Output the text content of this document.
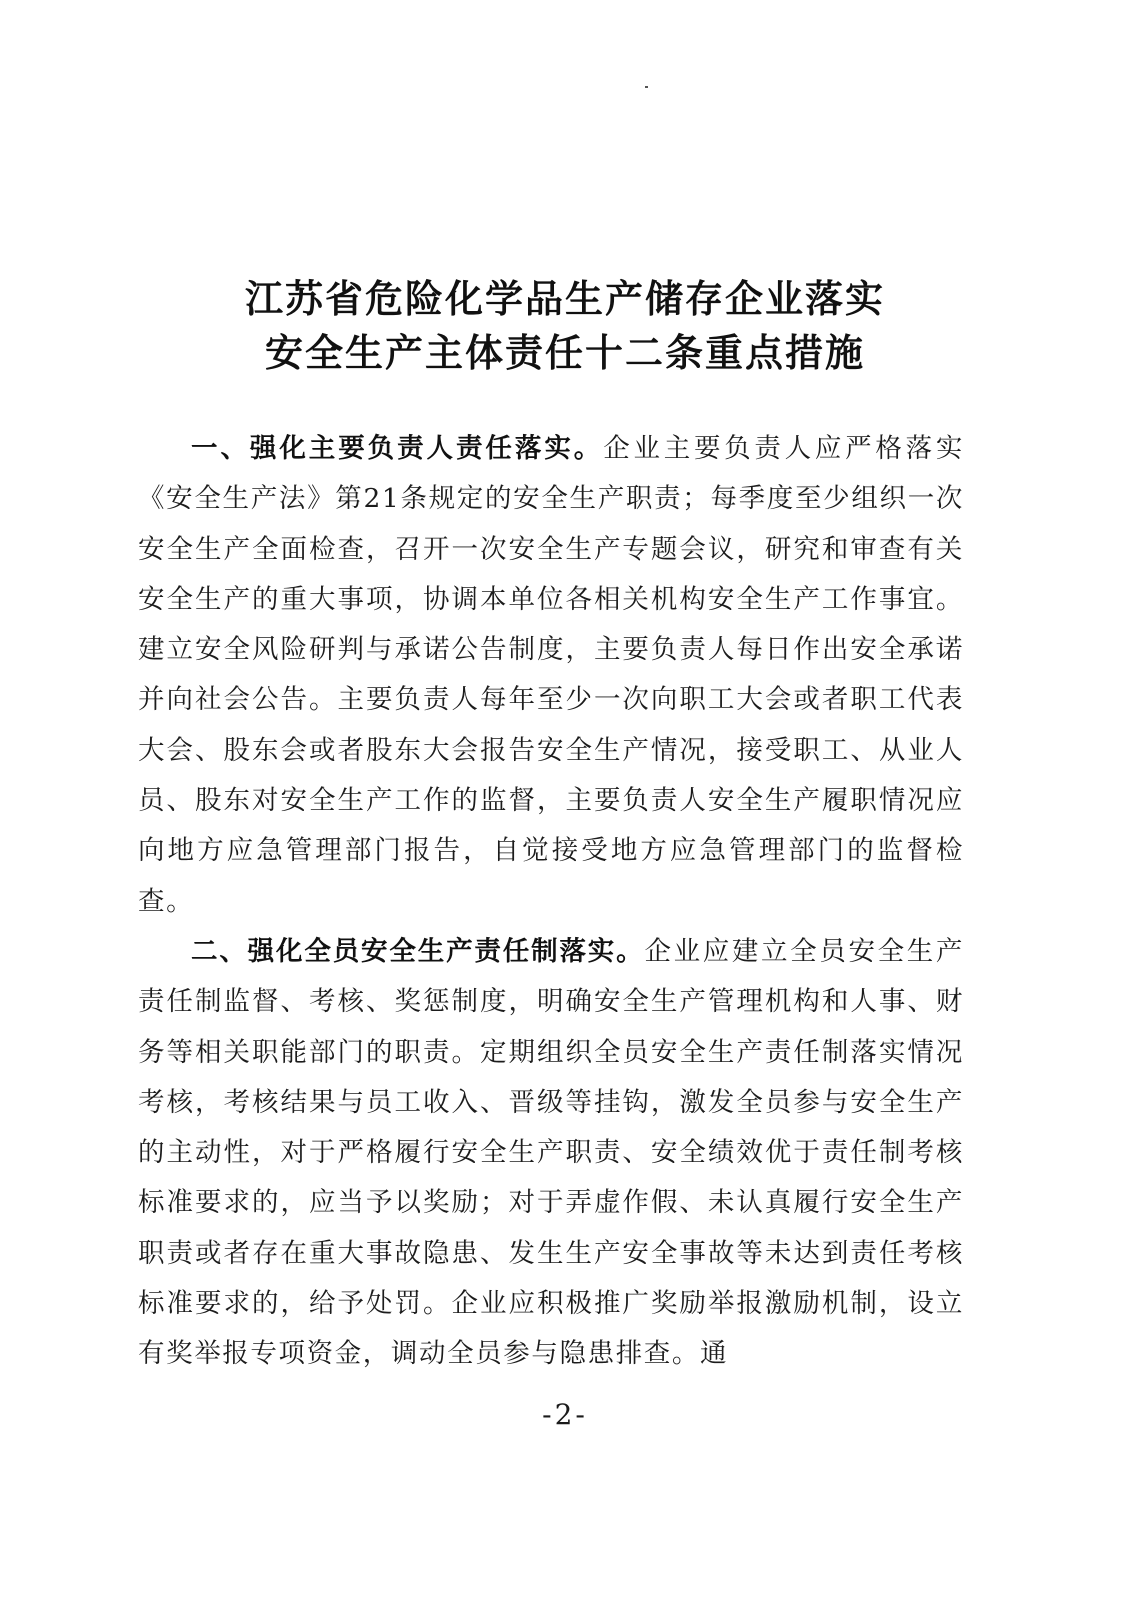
江苏省危险化学品生产储存企业落实
安全生产主体责任十二条重点措施

一、强化主要负责人责任落实。企业主要负责人应严格落实《安全生产法》第21条规定的安全生产职责；每季度至少组织一次安全生产全面检查，召开一次安全生产专题会议，研究和审查有关安全生产的重大事项，协调本单位各相关机构安全生产工作事宜。建立安全风险研判与承诺公告制度，主要负责人每日作出安全承诺并向社会公告。主要负责人每年至少一次向职工大会或者职工代表大会、股东会或者股东大会报告安全生产情况，接受职工、从业人员、股东对安全生产工作的监督，主要负责人安全生产履职情况应向地方应急管理部门报告，自觉接受地方应急管理部门的监督检查。

二、强化全员安全生产责任制落实。企业应建立全员安全生产责任制监督、考核、奖惩制度，明确安全生产管理机构和人事、财务等相关职能部门的职责。定期组织全员安全生产责任制落实情况考核，考核结果与员工收入、晋级等挂钩，激发全员参与安全生产的主动性，对于严格履行安全生产职责、安全绩效优于责任制考核标准要求的，应当予以奖励；对于弄虚作假、未认真履行安全生产职责或者存在重大事故隐患、发生生产安全事故等未达到责任考核标准要求的，给予处罚。企业应积极推广奖励举报激励机制，设立有奖举报专项资金，调动全员参与隐患排查。通

-2-
